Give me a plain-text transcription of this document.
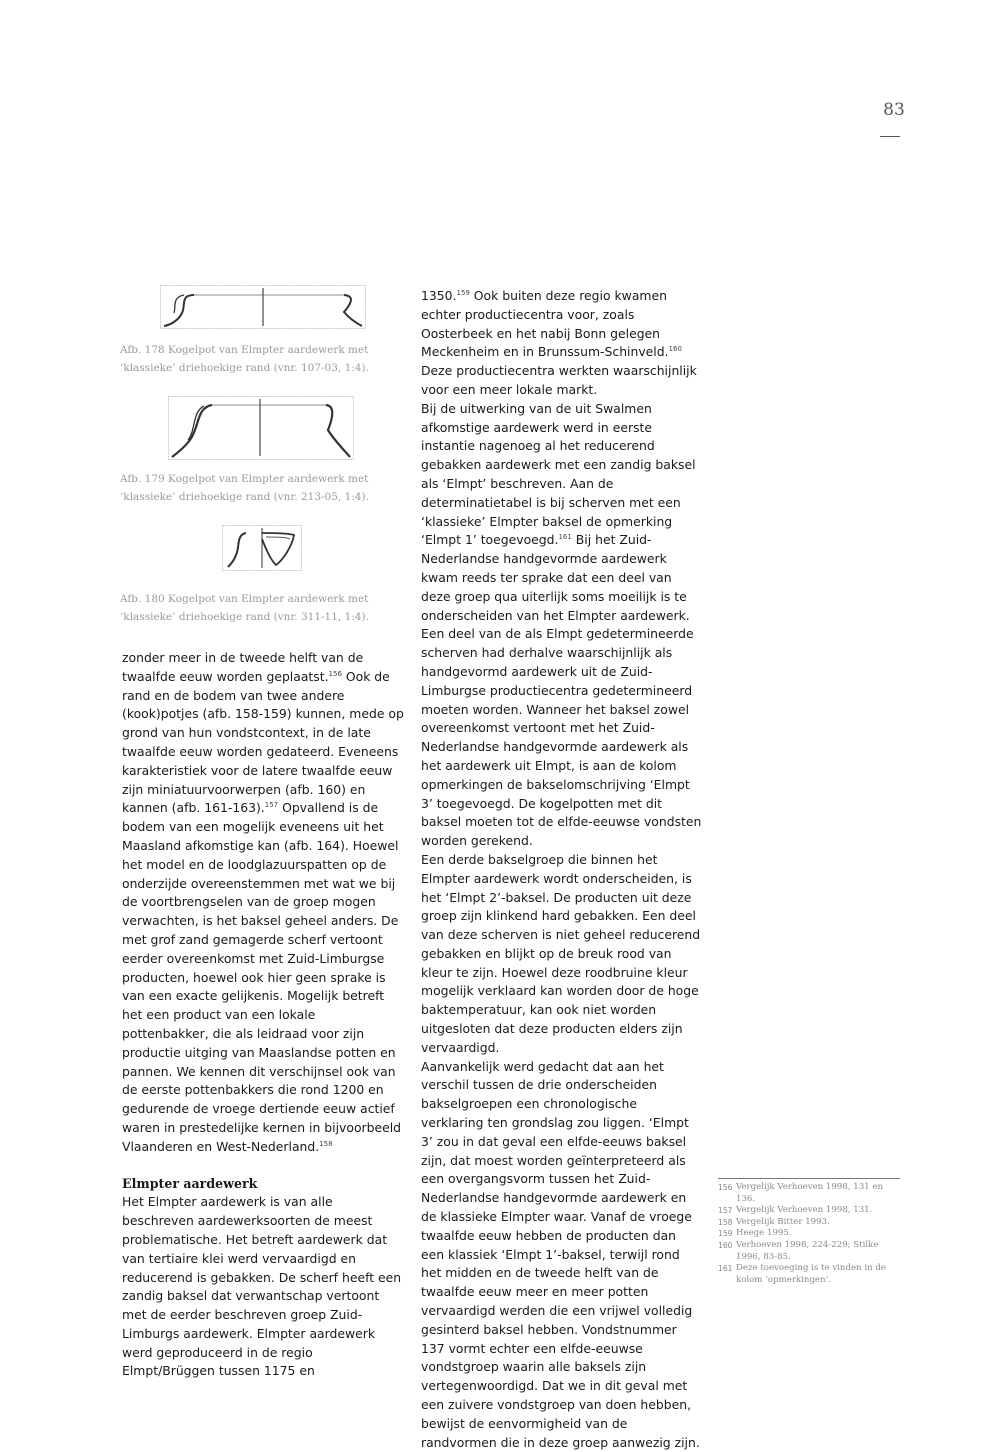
83

Afb. 178 Kogelpot van Elmpter aardewerk met ‘klassieke’ driehoekige rand (vnr. 107-03, 1:4).

Afb. 179 Kogelpot van Elmpter aardewerk met ‘klassieke’ driehoekige rand (vnr. 213-05, 1:4).

Afb. 180 Kogelpot van Elmpter aardewerk met ‘klassieke’ driehoekige rand (vnr. 311-11, 1:4).

zonder meer in de tweede helft van de twaalfde eeuw worden geplaatst.$^{156}$ Ook de rand en de bodem van twee andere (kook)potjes (afb. 158-159) kunnen, mede op grond van hun vondstcontext, in de late twaalfde eeuw worden gedateerd. Eveneens karakteristiek voor de latere twaalfde eeuw zijn miniatuurvoorwerpen (afb. 160) en kannen (afb. 161-163).$^{157}$ Opvallend is de bodem van een mogelijk eveneens uit het Maasland afkomstige kan (afb. 164). Hoewel het model en de loodglazuurspatten op de onderzijde overeenstemmen met wat we bij de voortbrengselen van de groep mogen verwachten, is het baksel geheel anders. De met grof zand gemagerde scherf vertoont eerder overeenkomst met Zuid-Limburgse producten, hoewel ook hier geen sprake is van een exacte gelijkenis. Mogelijk betreft het een product van een lokale pottenbakker, die als leidraad voor zijn productie uitging van Maaslandse potten en pannen. We kennen dit verschijnsel ook van de eerste pottenbakkers die rond 1200 en gedurende de vroege dertiende eeuw actief waren in prestedelijke kernen in bijvoorbeeld Vlaanderen en West-Nederland.$^{158}$

Elmpter aardewerk

Het Elmpter aardewerk is van alle beschreven aardewerksoorten de meest problematische. Het betreft aardewerk dat van tertiaire klei werd vervaardigd en reducerend is gebakken. De scherf heeft een zandig baksel dat verwantschap vertoont met de eerder beschreven groep Zuid-Limburgs aardewerk. Elmpter aardewerk werd geproduceerd in de regio Elmpt/Brüggen tussen 1175 en

1350.$^{159}$ Ook buiten deze regio kwamen echter productiecentra voor, zoals Oosterbeek en het nabij Bonn gelegen Meckenheim en in Brunssum-Schinveld.$^{160}$ Deze productiecentra werkten waarschijnlijk voor een meer lokale markt.

Bij de uitwerking van de uit Swalmen afkomstige aardewerk werd in eerste instantie nagenoeg al het reducerend gebakken aardewerk met een zandig baksel als ‘Elmpt’ beschreven. Aan de determinatietabel is bij scherven met een ‘klassieke’ Elmpter baksel de opmerking ‘Elmpt 1’ toegevoegd.$^{161}$ Bij het Zuid-Nederlandse handgevormde aardewerk kwam reeds ter sprake dat een deel van deze groep qua uiterlijk soms moeilijk is te onderscheiden van het Elmpter aardewerk. Een deel van de als Elmpt gedetermineerde scherven had derhalve waarschijnlijk als handgevormd aardewerk uit de Zuid-Limburgse productiecentra gedetermineerd moeten worden. Wanneer het baksel zowel overeenkomst vertoont met het Zuid-Nederlandse handgevormde aardewerk als het aardewerk uit Elmpt, is aan de kolom opmerkingen de bakselomschrijving ‘Elmpt 3’ toegevoegd. De kogelpotten met dit baksel moeten tot de elfde-eeuwse vondsten worden gerekend.

Een derde bakselgroep die binnen het Elmpter aardewerk wordt onderscheiden, is het ‘Elmpt 2’-baksel. De producten uit deze groep zijn klinkend hard gebakken. Een deel van deze scherven is niet geheel reducerend gebakken en blijkt op de breuk rood van kleur te zijn. Hoewel deze roodbruine kleur mogelijk verklaard kan worden door de hoge baktemperatuur, kan ook niet worden uitgesloten dat deze producten elders zijn vervaardigd.

Aanvankelijk werd gedacht dat aan het verschil tussen de drie onderscheiden bakselgroepen een chronologische verklaring ten grondslag zou liggen. ‘Elmpt 3’ zou in dat geval een elfde-eeuws baksel zijn, dat moest worden geïnterpreteerd als een overgangsvorm tussen het Zuid-Nederlandse handgevormde aardewerk en de klassieke Elmpter waar. Vanaf de vroege twaalfde eeuw hebben de producten dan een klassiek ‘Elmpt 1’-baksel, terwijl rond het midden en de tweede helft van de twaalfde eeuw meer en meer potten vervaardigd werden die een vrijwel volledig gesinterd baksel hebben. Vondstnummer 137 vormt echter een elfde-eeuwse vondstgroep waarin alle baksels zijn vertegenwoordigd. Dat we in dit geval met een zuivere vondstgroep van doen hebben, bewijst de eenvormigheid van de randvormen die in deze groep aanwezig zijn.

156 Vergelijk Verhoeven 1998, 131 en 136.
157 Vergelijk Verhoeven 1998, 131.
158 Vergelijk Bitter 1993.
159 Heege 1995.
160 Verhoeven 1998, 224-229; Stilke 1996, 83-85.
161 Deze toevoeging is te vinden in de kolom ‘opmerkingen’.
